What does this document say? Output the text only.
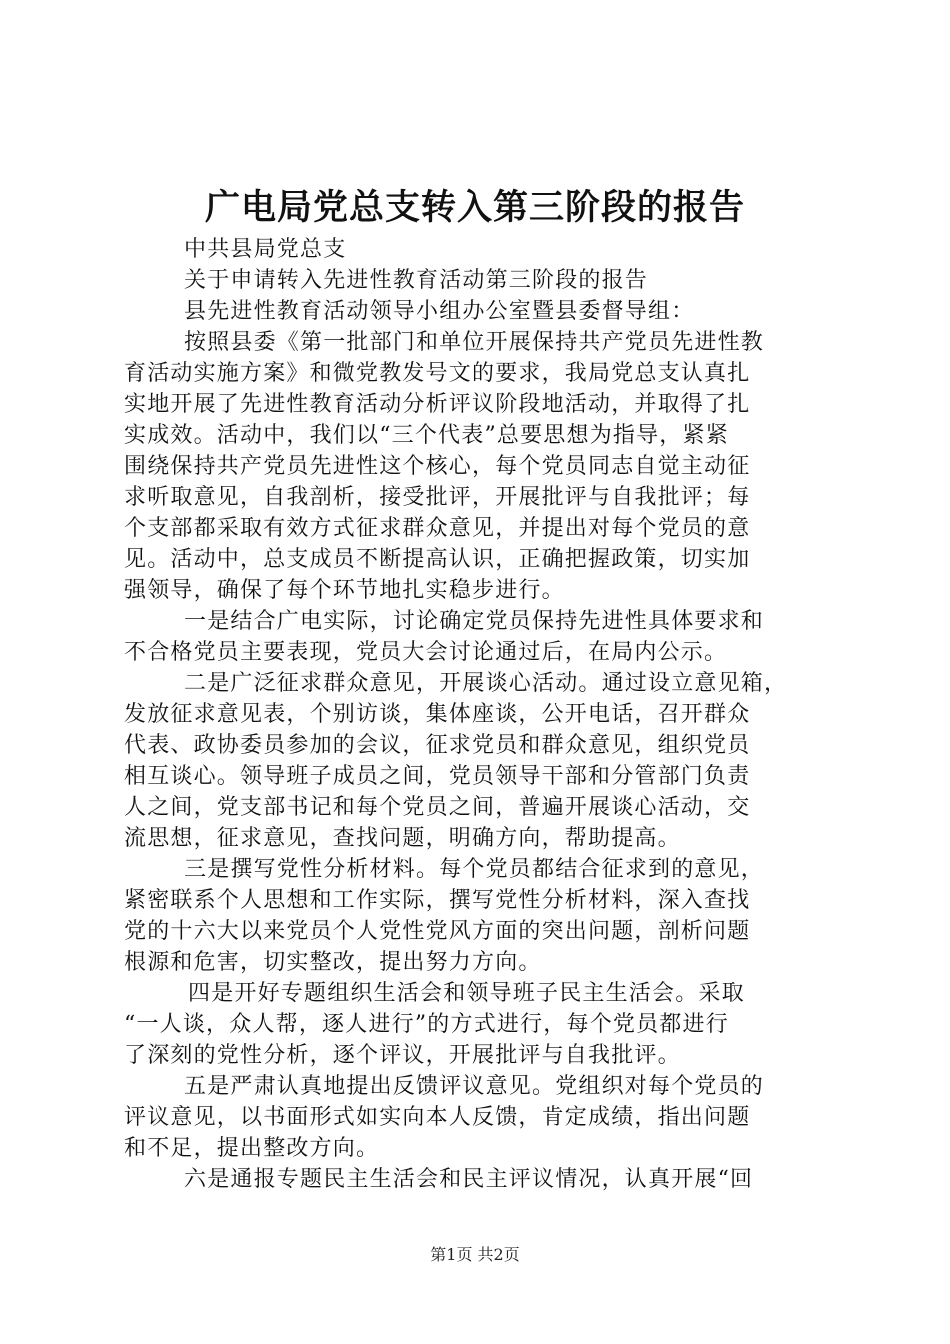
广电局党总支转入第三阶段的报告

中共县局党总支

关于申请转入先进性教育活动第三阶段的报告

县先进性教育活动领导小组办公室暨县委督导组：

按照县委《第一批部门和单位开展保持共产党员先进性教

育活动实施方案》和微党教发号文的要求，我局党总支认真扎

实地开展了先进性教育活动分析评议阶段地活动，并取得了扎

实成效。活动中，我们以“三个代表”总要思想为指导，紧紧

围绕保持共产党员先进性这个核心，每个党员同志自觉主动征

求听取意见，自我剖析，接受批评，开展批评与自我批评；每

个支部都采取有效方式征求群众意见，并提出对每个党员的意

见。活动中，总支成员不断提高认识，正确把握政策，切实加

强领导，确保了每个环节地扎实稳步进行。

一是结合广电实际，讨论确定党员保持先进性具体要求和

不合格党员主要表现，党员大会讨论通过后，在局内公示。

二是广泛征求群众意见，开展谈心活动。通过设立意见箱，

发放征求意见表，个别访谈，集体座谈，公开电话，召开群众

代表、政协委员参加的会议，征求党员和群众意见，组织党员

相互谈心。领导班子成员之间，党员领导干部和分管部门负责

人之间，党支部书记和每个党员之间，普遍开展谈心活动，交

流思想，征求意见，查找问题，明确方向，帮助提高。

三是撰写党性分析材料。每个党员都结合征求到的意见，

紧密联系个人思想和工作实际，撰写党性分析材料，深入查找

党的十六大以来党员个人党性党风方面的突出问题，剖析问题

根源和危害，切实整改，提出努力方向。

四是开好专题组织生活会和领导班子民主生活会。采取

“一人谈，众人帮，逐人进行”的方式进行，每个党员都进行

了深刻的党性分析，逐个评议，开展批评与自我批评。

五是严肃认真地提出反馈评议意见。党组织对每个党员的

评议意见，以书面形式如实向本人反馈，肯定成绩，指出问题

和不足，提出整改方向。

六是通报专题民主生活会和民主评议情况，认真开展“回

第1页 共2页
